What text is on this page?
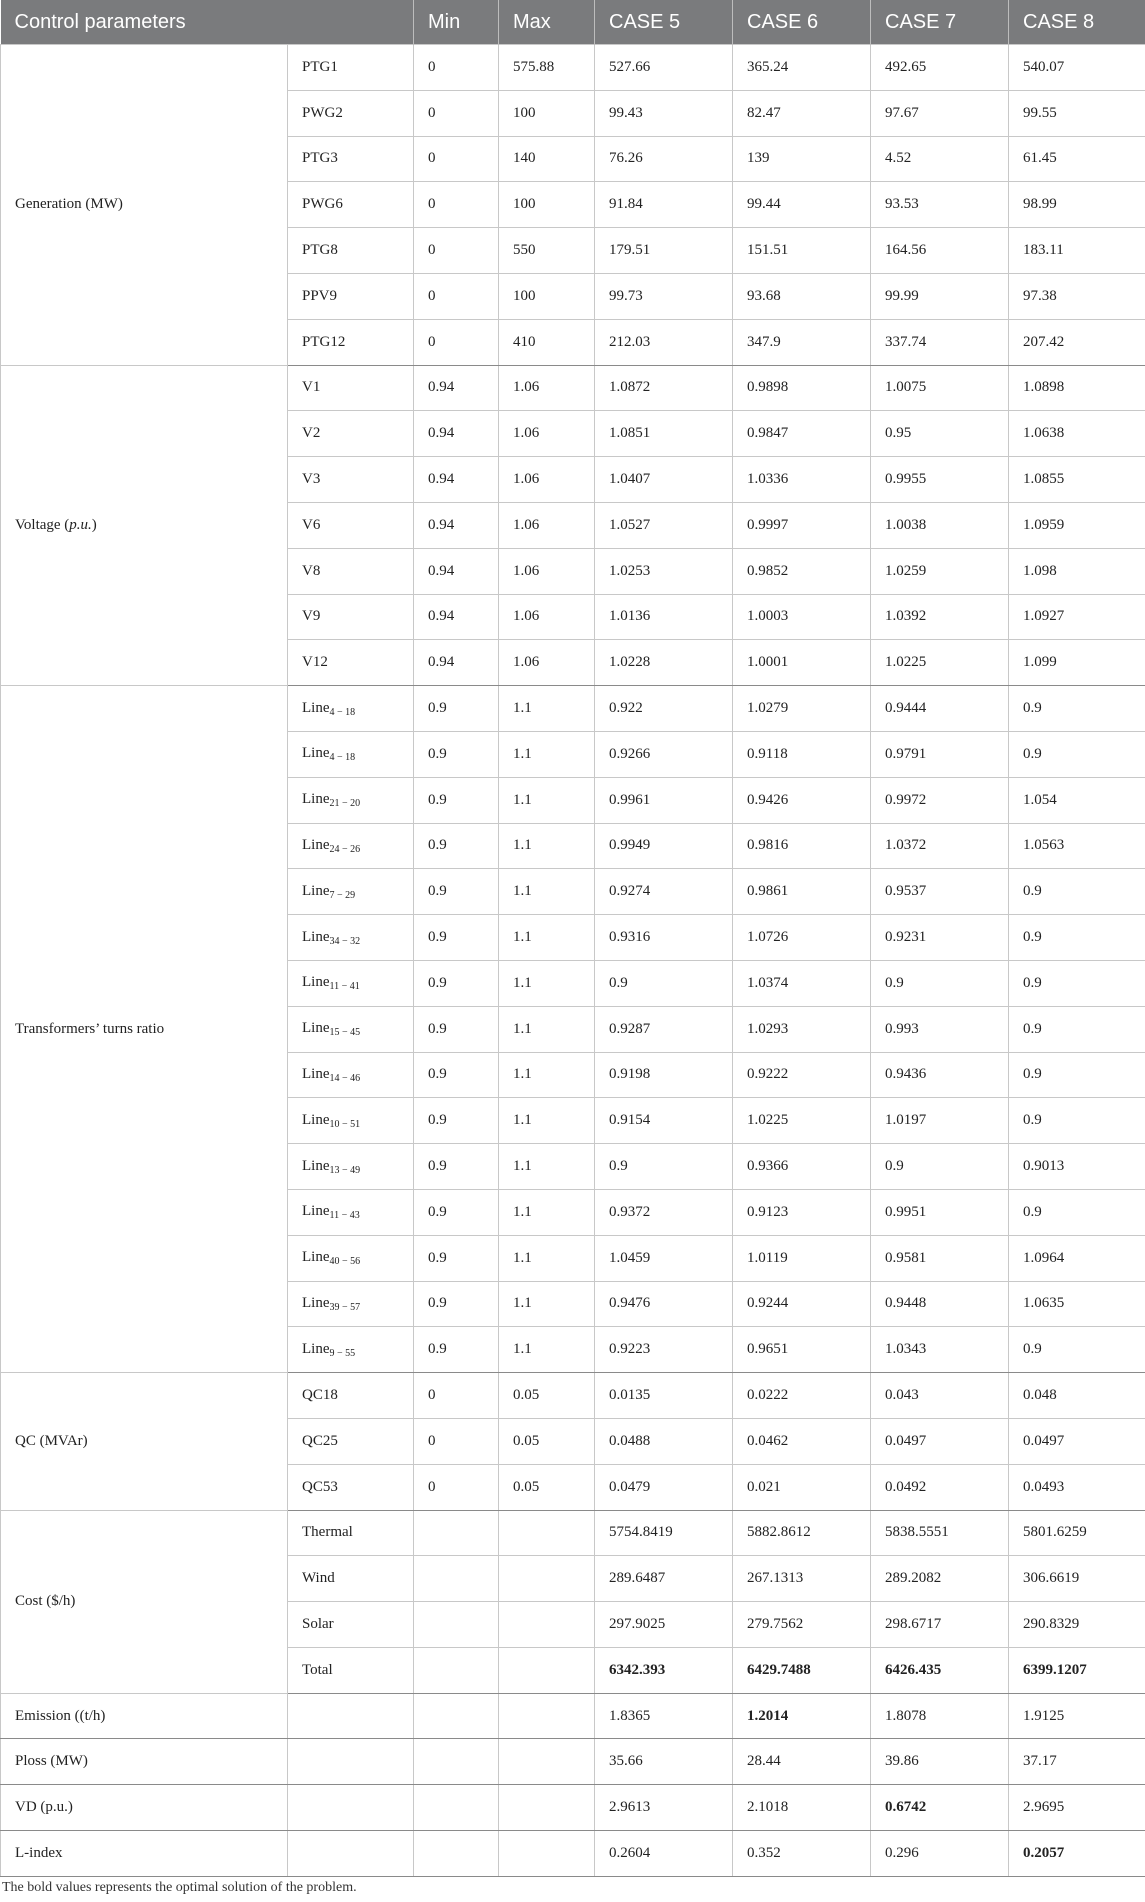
Control parameters		Min	Max	CASE 5	CASE 6	CASE 7	CASE 8
Generation (MW)	PTG1	0	575.88	527.66	365.24	492.65	540.07
	PWG2	0	100	99.43	82.47	97.67	99.55
	PTG3	0	140	76.26	139	4.52	61.45
	PWG6	0	100	91.84	99.44	93.53	98.99
	PTG8	0	550	179.51	151.51	164.56	183.11
	PPV9	0	100	99.73	93.68	99.99	97.38
	PTG12	0	410	212.03	347.9	337.74	207.42
Voltage (p.u.)	V1	0.94	1.06	1.0872	0.9898	1.0075	1.0898
	V2	0.94	1.06	1.0851	0.9847	0.95	1.0638
	V3	0.94	1.06	1.0407	1.0336	0.9955	1.0855
	V6	0.94	1.06	1.0527	0.9997	1.0038	1.0959
	V8	0.94	1.06	1.0253	0.9852	1.0259	1.098
	V9	0.94	1.06	1.0136	1.0003	1.0392	1.0927
	V12	0.94	1.06	1.0228	1.0001	1.0225	1.099
Transformers’ turns ratio	Line$_{4 - 18}$	0.9	1.1	0.922	1.0279	0.9444	0.9
	Line$_{4 - 18}$	0.9	1.1	0.9266	0.9118	0.9791	0.9
	Line$_{21 - 20}$	0.9	1.1	0.9961	0.9426	0.9972	1.054
	Line$_{24 - 26}$	0.9	1.1	0.9949	0.9816	1.0372	1.0563
	Line$_{7 - 29}$	0.9	1.1	0.9274	0.9861	0.9537	0.9
	Line$_{34 - 32}$	0.9	1.1	0.9316	1.0726	0.9231	0.9
	Line$_{11 - 41}$	0.9	1.1	0.9	1.0374	0.9	0.9
	Line$_{15 - 45}$	0.9	1.1	0.9287	1.0293	0.993	0.9
	Line$_{14 - 46}$	0.9	1.1	0.9198	0.9222	0.9436	0.9
	Line$_{10 - 51}$	0.9	1.1	0.9154	1.0225	1.0197	0.9
	Line$_{13 - 49}$	0.9	1.1	0.9	0.9366	0.9	0.9013
	Line$_{11 - 43}$	0.9	1.1	0.9372	0.9123	0.9951	0.9
	Line$_{40 - 56}$	0.9	1.1	1.0459	1.0119	0.9581	1.0964
	Line$_{39 - 57}$	0.9	1.1	0.9476	0.9244	0.9448	1.0635
	Line$_{9 - 55}$	0.9	1.1	0.9223	0.9651	1.0343	0.9
QC (MVAr)	QC18	0	0.05	0.0135	0.0222	0.043	0.048
	QC25	0	0.05	0.0488	0.0462	0.0497	0.0497
	QC53	0	0.05	0.0479	0.021	0.0492	0.0493
Cost ($/h)	Thermal			5754.8419	5882.8612	5838.5551	5801.6259
	Wind			289.6487	267.1313	289.2082	306.6619
	Solar			297.9025	279.7562	298.6717	290.8329
	Total			6342.393	6429.7488	6426.435	6399.1207
Emission ((t/h)				1.8365	1.2014	1.8078	1.9125
Ploss (MW)				35.66	28.44	39.86	37.17
VD (p.u.)				2.9613	2.1018	0.6742	2.9695
L-index				0.2604	0.352	0.296	0.2057
The bold values represents the optimal solution of the problem.
